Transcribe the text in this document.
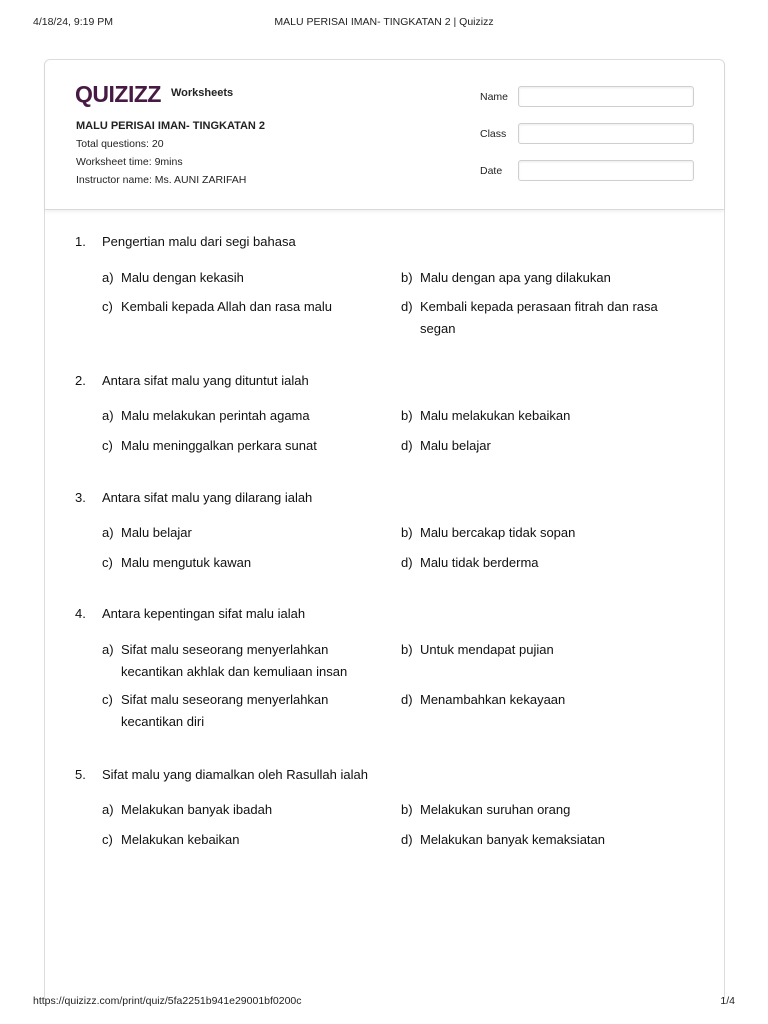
4/18/24, 9:19 PM	MALU PERISAI IMAN- TINGKATAN 2 | Quizizz
QUIZIZZ Worksheets
MALU PERISAI IMAN- TINGKATAN 2
Total questions: 20
Worksheet time: 9mins
Instructor name: Ms. AUNI ZARIFAH
Name
Class
Date
1. Pengertian malu dari segi bahasa
a) Malu dengan kekasih	b) Malu dengan apa yang dilakukan
c) Kembali kepada Allah dan rasa malu	d) Kembali kepada perasaan fitrah dan rasa segan
2. Antara sifat malu yang dituntut ialah
a) Malu melakukan perintah agama	b) Malu melakukan kebaikan
c) Malu meninggalkan perkara sunat	d) Malu belajar
3. Antara sifat malu yang dilarang ialah
a) Malu belajar	b) Malu bercakap tidak sopan
c) Malu mengutuk kawan	d) Malu tidak berderma
4. Antara kepentingan sifat malu ialah
a) Sifat malu seseorang menyerlahkan kecantikan akhlak dan kemuliaan insan
b) Untuk mendapat pujian
c) Sifat malu seseorang menyerlahkan kecantikan diri
d) Menambahkan kekayaan
5. Sifat malu yang diamalkan oleh Rasullah ialah
a) Melakukan banyak ibadah	b) Melakukan suruhan orang
c) Melakukan kebaikan	d) Melakukan banyak kemaksiatan
https://quizizz.com/print/quiz/5fa2251b941e29001bf0200c	1/4
